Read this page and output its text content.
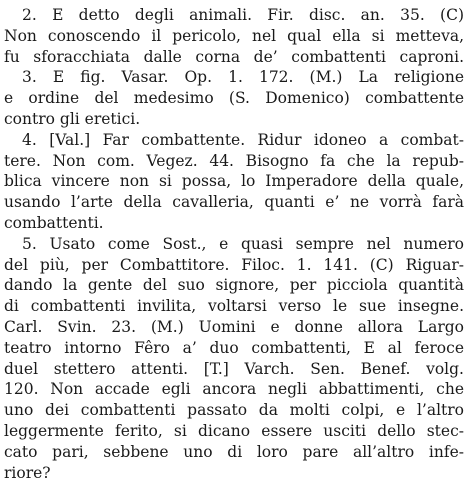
2. E detto degli animali. Fir. disc. an. 35. (C)
Non conoscendo il pericolo, nel qual ella si metteva,
fu sforacchiata dalle corna de’ combattenti caproni.
3. E fig. Vasar. Op. 1. 172. (M.) La religione
e ordine del medesimo (S. Domenico) combattente
contro gli eretici.
4. [Val.] Far combattente. Ridur idoneo a combat-
tere. Non com. Vegez. 44. Bisogno fa che la repub-
blica vincere non si possa, lo Imperadore della quale,
usando l’arte della cavalleria, quanti e’ ne vorrà farà
combattenti.
5. Usato come Sost., e quasi sempre nel numero
del più, per Combattitore. Filoc. 1. 141. (C) Riguar-
dando la gente del suo signore, per picciola quantità
di combattenti invilita, voltarsi verso le sue insegne.
Carl. Svin. 23. (M.) Uomini e donne allora Largo
teatro intorno Fêro a’ duo combattenti, E al feroce
duel stettero attenti. [T.] Varch. Sen. Benef. volg.
120. Non accade egli ancora negli abbattimenti, che
uno dei combattenti passato da molti colpi, e l’altro
leggermente ferito, si dicano essere usciti dello stec-
cato pari, sebbene uno di loro pare all’altro infe-
riore?
